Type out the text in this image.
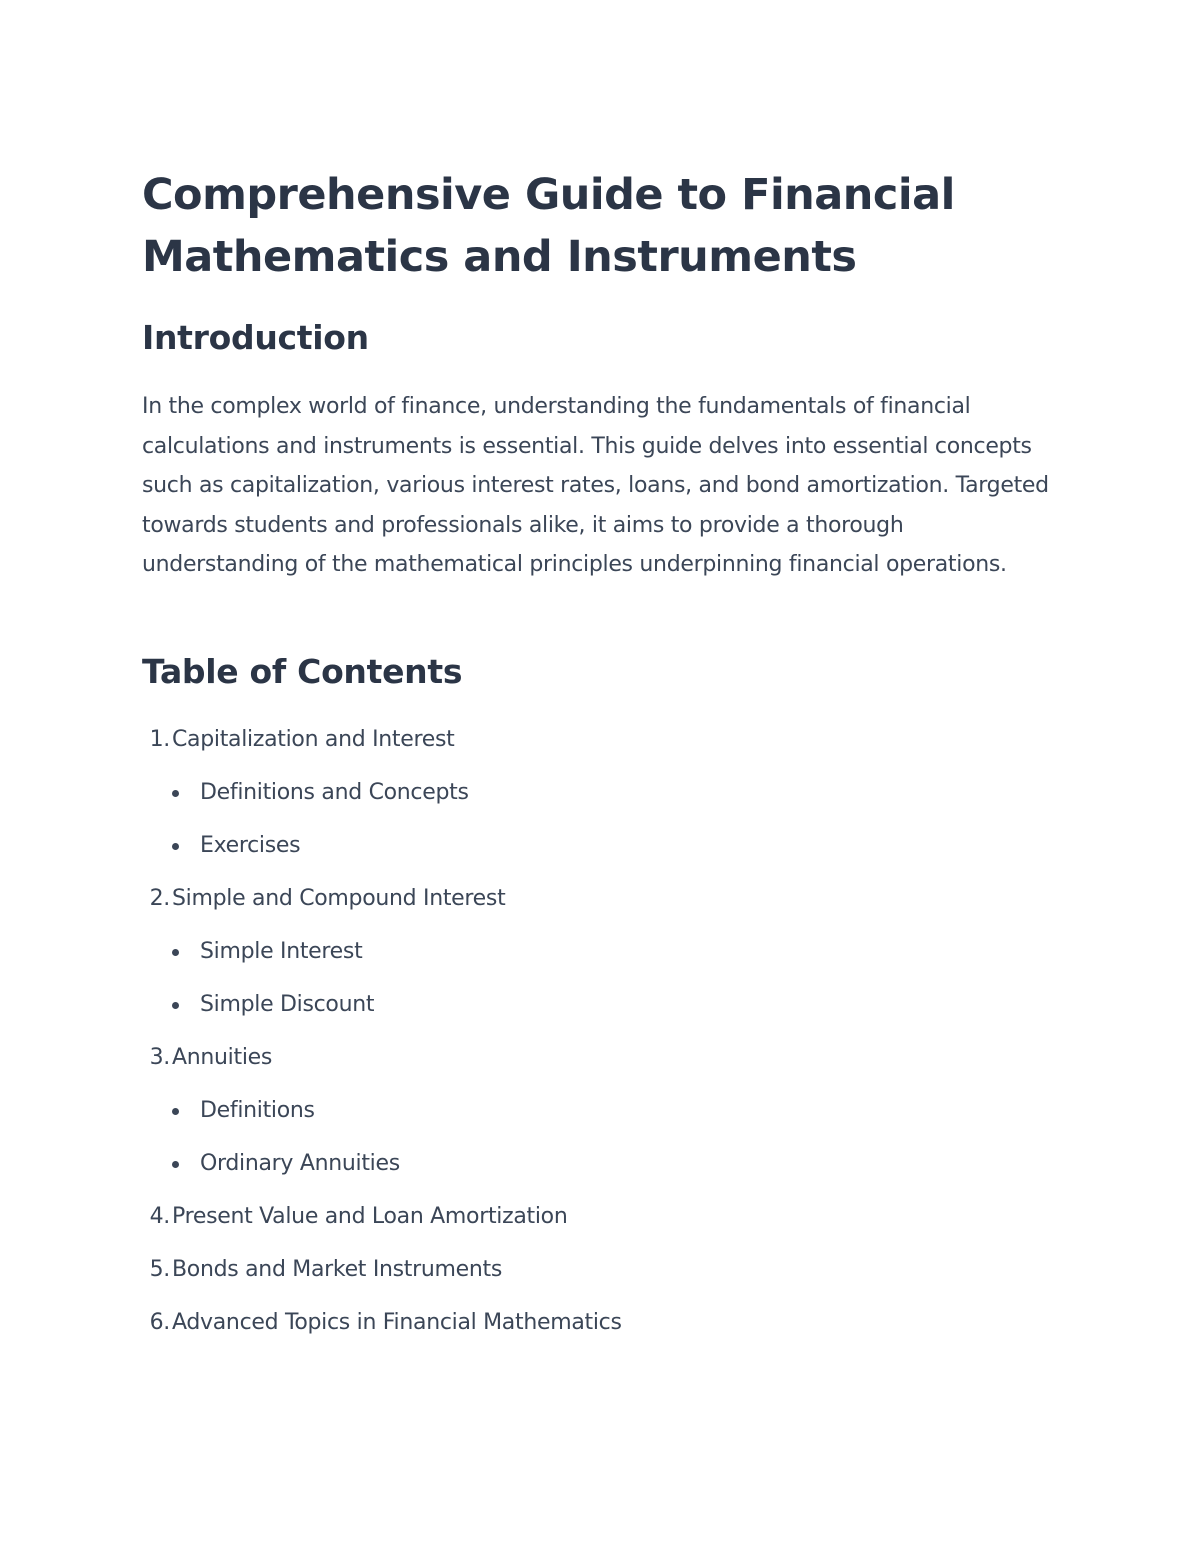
Comprehensive Guide to Financial Mathematics and Instruments
Introduction

In the complex world of finance, understanding the fundamentals of financial calculations and instruments is essential. This guide delves into essential concepts such as capitalization, various interest rates, loans, and bond amortization. Targeted towards students and professionals alike, it aims to provide a thorough understanding of the mathematical principles underpinning financial operations.

Table of Contents
1. Capitalization and Interest
Definitions and Concepts
Exercises
2. Simple and Compound Interest
Simple Interest
Simple Discount
3. Annuities
Definitions
Ordinary Annuities
4. Present Value and Loan Amortization
5. Bonds and Market Instruments
6. Advanced Topics in Financial Mathematics
